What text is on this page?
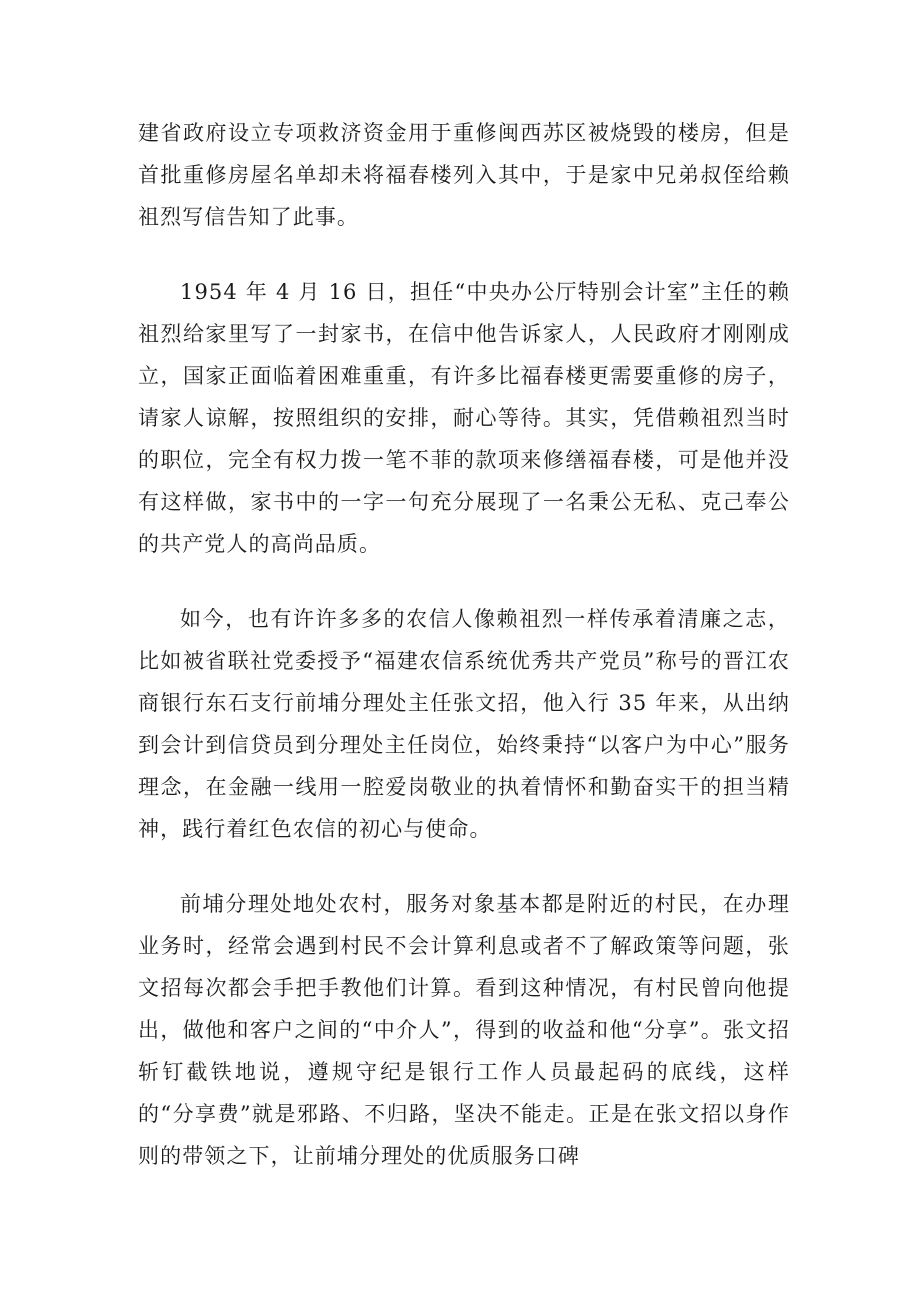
建省政府设立专项救济资金用于重修闽西苏区被烧毁的楼房，但是首批重修房屋名单却未将福春楼列入其中，于是家中兄弟叔侄给赖祖烈写信告知了此事。

1954 年 4 月 16 日，担任“中央办公厅特别会计室”主任的赖祖烈给家里写了一封家书，在信中他告诉家人，人民政府才刚刚成立，国家正面临着困难重重，有许多比福春楼更需要重修的房子，请家人谅解，按照组织的安排，耐心等待。其实，凭借赖祖烈当时的职位，完全有权力拨一笔不菲的款项来修缮福春楼，可是他并没有这样做，家书中的一字一句充分展现了一名秉公无私、克己奉公的共产党人的高尚品质。

如今，也有许许多多的农信人像赖祖烈一样传承着清廉之志，比如被省联社党委授予“福建农信系统优秀共产党员”称号的晋江农商银行东石支行前埔分理处主任张文招，他入行 35 年来，从出纳到会计到信贷员到分理处主任岗位，始终秉持“以客户为中心”服务理念，在金融一线用一腔爱岗敬业的执着情怀和勤奋实干的担当精神，践行着红色农信的初心与使命。

前埔分理处地处农村，服务对象基本都是附近的村民，在办理业务时，经常会遇到村民不会计算利息或者不了解政策等问题，张文招每次都会手把手教他们计算。看到这种情况，有村民曾向他提出，做他和客户之间的“中介人”，得到的收益和他“分享”。张文招斩钉截铁地说，遵规守纪是银行工作人员最起码的底线，这样的“分享费”就是邪路、不归路，坚决不能走。正是在张文招以身作则的带领之下，让前埔分理处的优质服务口碑
